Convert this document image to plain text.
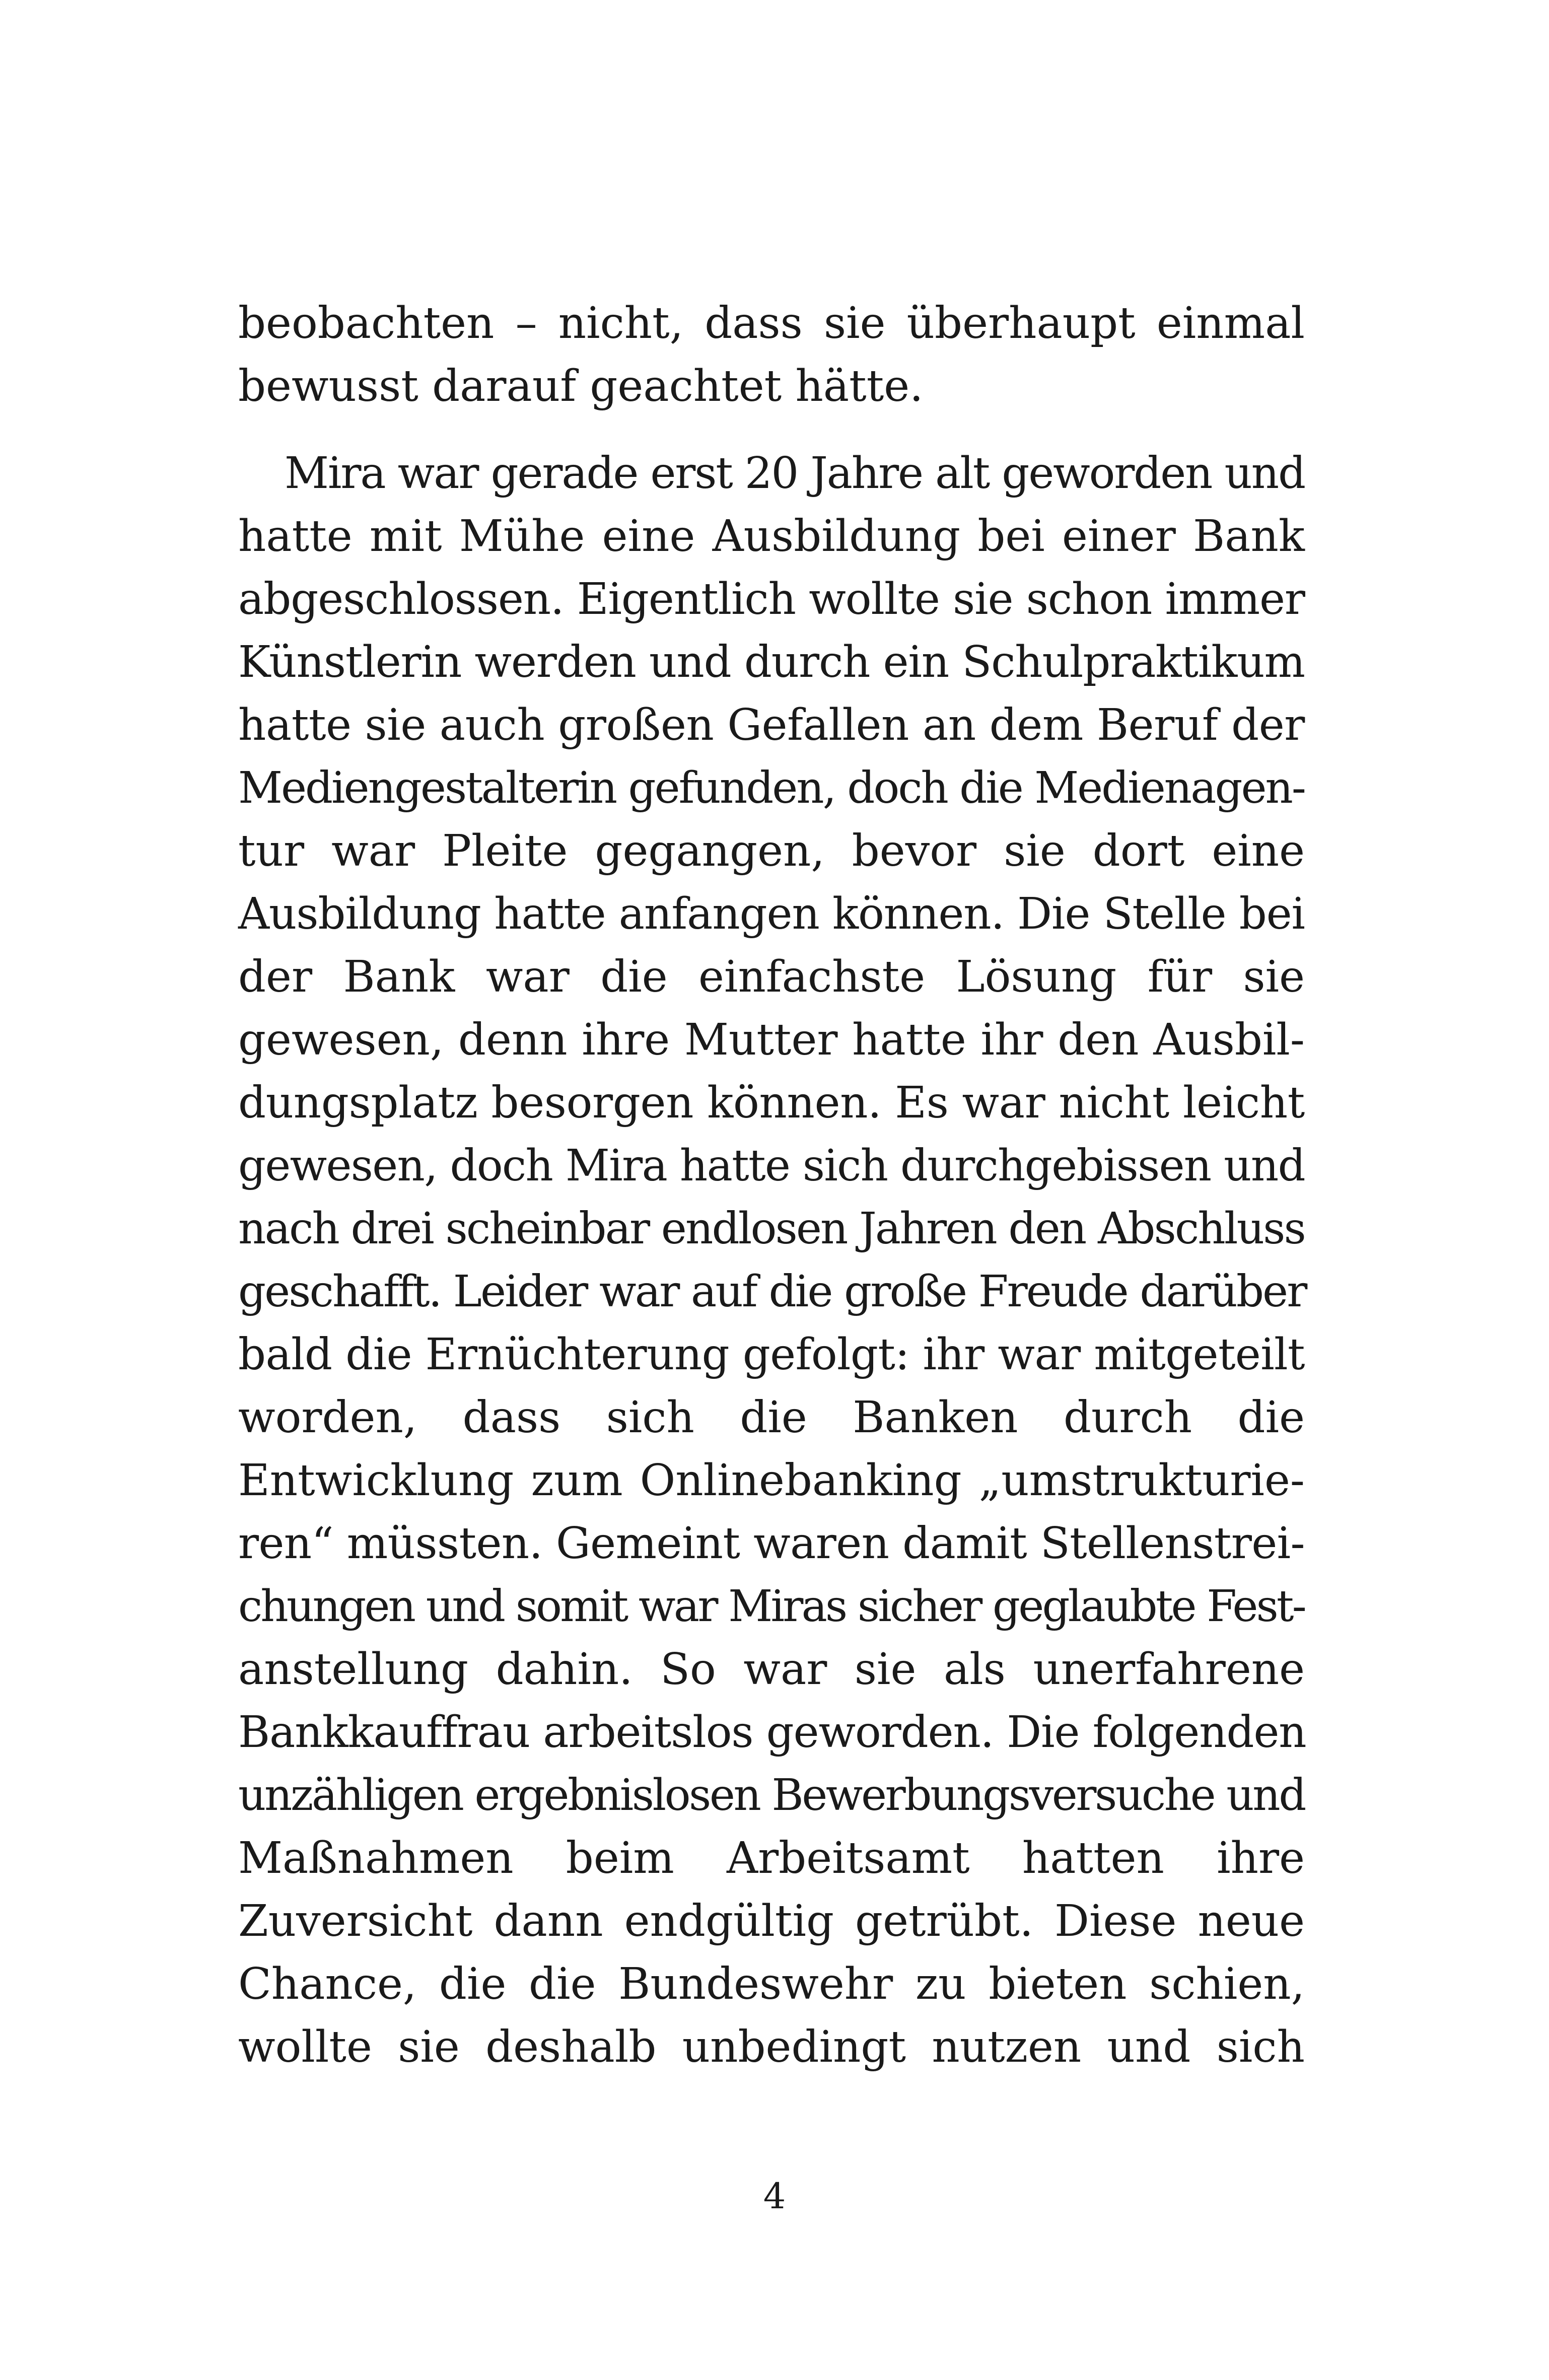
beobachten – nicht, dass sie überhaupt einmal
bewusst darauf geachtet hätte.
Mira war gerade erst 20 Jahre alt geworden und
hatte mit Mühe eine Ausbildung bei einer Bank
abgeschlossen. Eigentlich wollte sie schon immer
Künstlerin werden und durch ein Schulpraktikum
hatte sie auch großen Gefallen an dem Beruf der
Mediengestalterin gefunden, doch die Medienagen-
tur war Pleite gegangen, bevor sie dort eine
Ausbildung hatte anfangen können. Die Stelle bei
der Bank war die einfachste Lösung für sie
gewesen, denn ihre Mutter hatte ihr den Ausbil-
dungsplatz besorgen können. Es war nicht leicht
gewesen, doch Mira hatte sich durchgebissen und
nach drei scheinbar endlosen Jahren den Abschluss
geschafft. Leider war auf die große Freude darüber
bald die Ernüchterung gefolgt: ihr war mitgeteilt
worden, dass sich die Banken durch die
Entwicklung zum Onlinebanking „umstrukturie-
ren“ müssten. Gemeint waren damit Stellenstrei-
chungen und somit war Miras sicher geglaubte Fest-
anstellung dahin. So war sie als unerfahrene
Bankkauffrau arbeitslos geworden. Die folgenden
unzähligen ergebnislosen Bewerbungsversuche und
Maßnahmen beim Arbeitsamt hatten ihre
Zuversicht dann endgültig getrübt. Diese neue
Chance, die die Bundeswehr zu bieten schien,
wollte sie deshalb unbedingt nutzen und sich
4
